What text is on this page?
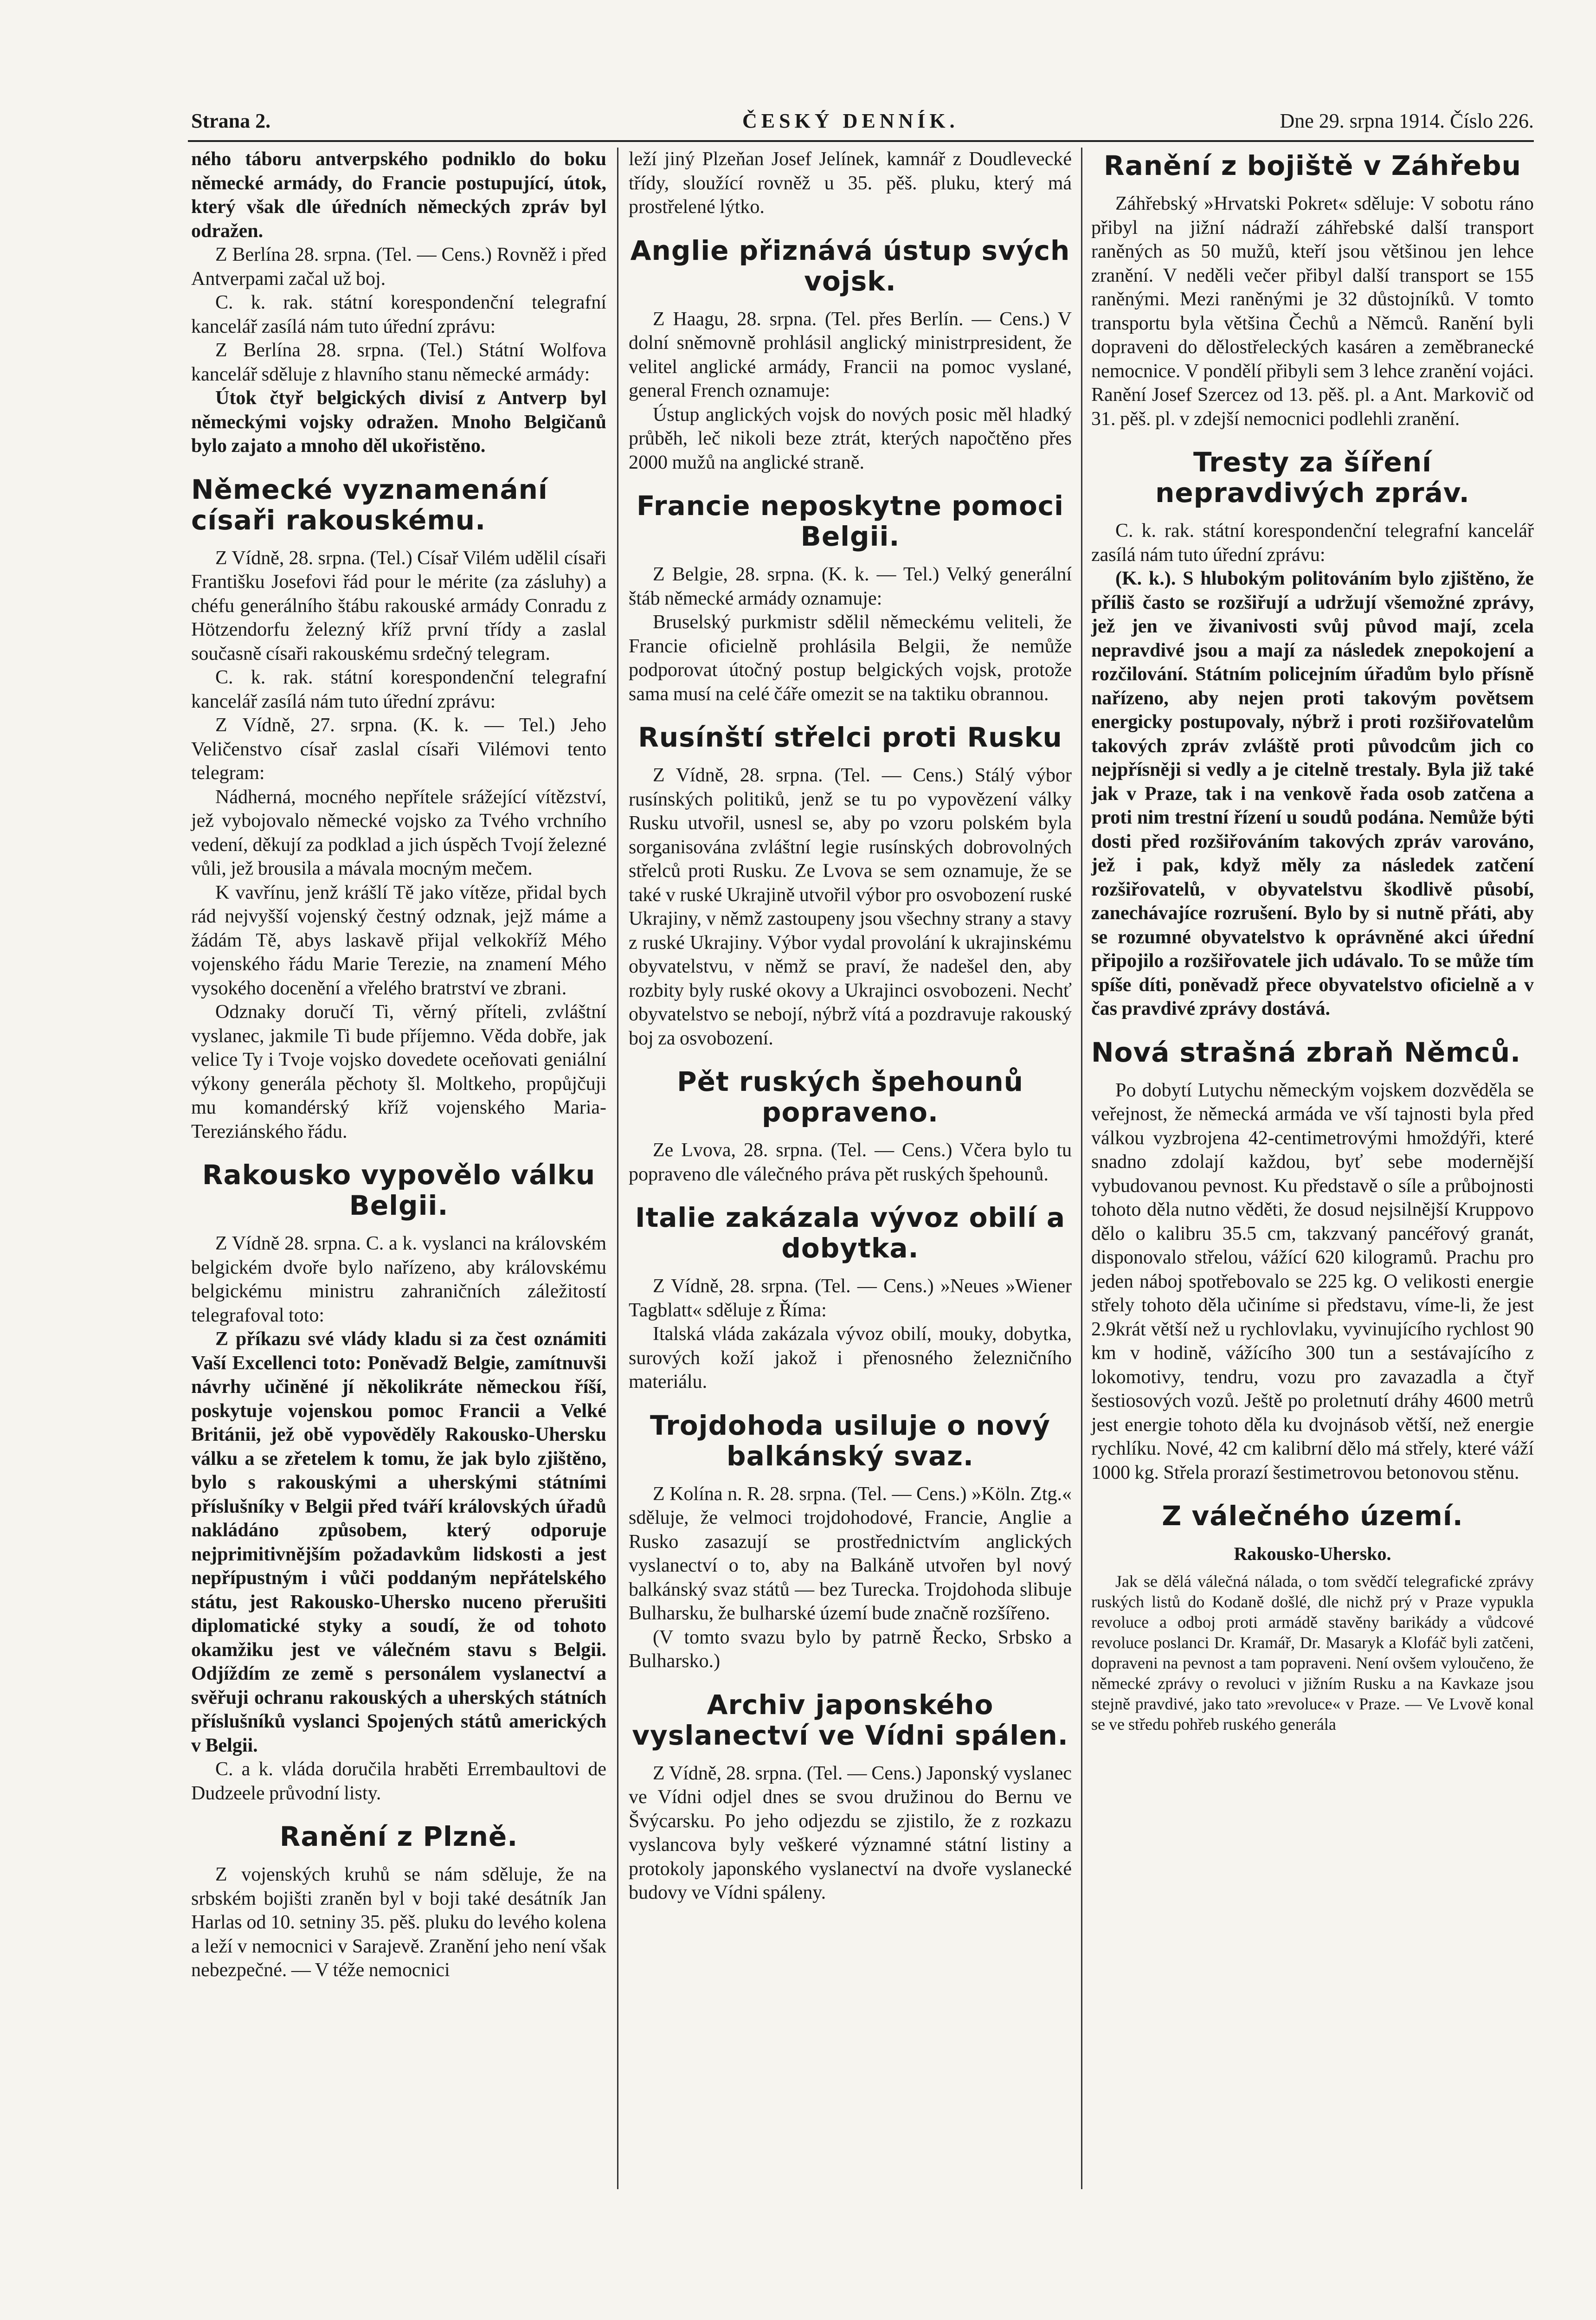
Strana 2.	ČESKÝ DENNÍK.	Dne 29. srpna 1914. Číslo 226.

ného táboru antverpského podniklo do boku německé armády, do Francie postupující, útok, který však dle úředních německých zpráv byl odražen.

Z Berlína 28. srpna. (Tel. — Cens.) Rovněž i před Antverpami začal už boj.

C. k. rak. státní korespondenční telegrafní kancelář zasílá nám tuto úřední zprávu:

Z Berlína 28. srpna. (Tel.) Státní Wolfova kancelář sděluje z hlavního stanu německé armády:

Útok čtyř belgických divisí z Antverp byl německými vojsky odražen. Mnoho Belgičanů bylo zajato a mnoho děl ukořistěno.

Německé vyznamenání císaři rakouskému.

Z Vídně, 28. srpna. (Tel.) Císař Vilém udělil císaři Františku Josefovi řád pour le mérite (za zásluhy) a chéfu generálního štábu rakouské armády Conradu z Hötzendorfu železný kříž první třídy a zaslal současně císaři rakouskému srdečný telegram.

C. k. rak. státní korespondenční telegrafní kancelář zasílá nám tuto úřední zprávu:

Z Vídně, 27. srpna. (K. k. — Tel.) Jeho Veličenstvo císař zaslal císaři Vilémovi tento telegram:

Nádherná, mocného nepřítele srážející vítězství, jež vybojovalo německé vojsko za Tvého vrchního vedení, děkují za podklad a jich úspěch Tvojí železné vůli, jež brousila a mávala mocným mečem.

K vavřínu, jenž krášlí Tě jako vítěze, přidal bych rád nejvyšší vojenský čestný odznak, jejž máme a žádám Tě, abys laskavě přijal velkokříž Mého vojenského řádu Marie Terezie, na znamení Mého vysokého docenění a vřelého bratrství ve zbrani.

Odznaky doručí Ti, věrný příteli, zvláštní vyslanec, jakmile Ti bude příjemno. Věda dobře, jak velice Ty i Tvoje vojsko dovedete oceňovati geniální výkony generála pěchoty šl. Moltkeho, propůjčuji mu komandérský kříž vojenského Maria-Tereziánského řádu.

Rakousko vypovělo válku Belgii.

Z Vídně 28. srpna. C. a k. vyslanci na královském belgickém dvoře bylo nařízeno, aby královskému belgickému ministru zahraničních záležitostí telegrafoval toto:

Z příkazu své vlády kladu si za čest oznámiti Vaší Excellenci toto: Poněvadž Belgie, zamítnuvši návrhy učiněné jí několikráte německou říší, poskytuje vojenskou pomoc Francii a Velké Británii, jež obě vypověděly Rakousko-Uhersku válku a se zřetelem k tomu, že jak bylo zjištěno, bylo s rakouskými a uherskými státními příslušníky v Belgii před tváří královských úřadů nakládáno způsobem, který odporuje nejprimitivnějším požadavkům lidskosti a jest nepřípustným i vůči poddaným nepřátelského státu, jest Rakousko-Uhersko nuceno přerušiti diplomatické styky a soudí, že od tohoto okamžiku jest ve válečném stavu s Belgii. Odjíždím ze země s personálem vyslanectví a svěřuji ochranu rakouských a uherských státních příslušníků vyslanci Spojených států amerických v Belgii.

C. a k. vláda doručila hraběti Errembaultovi de Dudzeele průvodní listy.

Ranění z Plzně.

Z vojenských kruhů se nám sděluje, že na srbském bojišti zraněn byl v boji také desátník Jan Harlas od 10. setniny 35. pěš. pluku do levého kolena a leží v nemocnici v Sarajevě. Zranění jeho není však nebezpečné. — V téže nemocnici

leží jiný Plzeňan Josef Jelínek, kamnář z Doudlevecké třídy, sloužící rovněž u 35. pěš. pluku, který má prostřelené lýtko.

Anglie přiznává ústup svých vojsk.

Z Haagu, 28. srpna. (Tel. přes Berlín. — Cens.) V dolní sněmovně prohlásil anglický ministrpresident, že velitel anglické armády, Francii na pomoc vyslané, general French oznamuje:

Ústup anglických vojsk do nových posic měl hladký průběh, leč nikoli beze ztrát, kterých napočtěno přes 2000 mužů na anglické straně.

Francie neposkytne pomoci Belgii.

Z Belgie, 28. srpna. (K. k. — Tel.) Velký generální štáb německé armády oznamuje:

Bruselský purkmistr sdělil německému veliteli, že Francie oficielně prohlásila Belgii, že nemůže podporovat útočný postup belgických vojsk, protože sama musí na celé čáře omezit se na taktiku obrannou.

Rusínští střelci proti Rusku

Z Vídně, 28. srpna. (Tel. — Cens.) Stálý výbor rusínských politiků, jenž se tu po vypovězení války Rusku utvořil, usnesl se, aby po vzoru polském byla sorganisována zvláštní legie rusínských dobrovolných střelců proti Rusku. Ze Lvova se sem oznamuje, že se také v ruské Ukrajině utvořil výbor pro osvobození ruské Ukrajiny, v němž zastoupeny jsou všechny strany a stavy z ruské Ukrajiny. Výbor vydal provolání k ukrajinskému obyvatelstvu, v němž se praví, že nadešel den, aby rozbity byly ruské okovy a Ukrajinci osvobozeni. Nechť obyvatelstvo se nebojí, nýbrž vítá a pozdravuje rakouský boj za osvobození.

Pět ruských špehounů popraveno.

Ze Lvova, 28. srpna. (Tel. — Cens.) Včera bylo tu popraveno dle válečného práva pět ruských špehounů.

Italie zakázala vývoz obilí a dobytka.

Z Vídně, 28. srpna. (Tel. — Cens.) »Neues »Wiener Tagblatt« sděluje z Říma:

Italská vláda zakázala vývoz obilí, mouky, dobytka, surových koží jakož i přenosného železničního materiálu.

Trojdohoda usiluje o nový balkánský svaz.

Z Kolína n. R. 28. srpna. (Tel. — Cens.) »Köln. Ztg.« sděluje, že velmoci trojdohodové, Francie, Anglie a Rusko zasazují se prostřednictvím anglických vyslanectví o to, aby na Balkáně utvořen byl nový balkánský svaz států — bez Turecka. Trojdohoda slibuje Bulharsku, že bulharské území bude značně rozšířeno.

(V tomto svazu bylo by patrně Řecko, Srbsko a Bulharsko.)

Archiv japonského vyslanectví ve Vídni spálen.

Z Vídně, 28. srpna. (Tel. — Cens.) Japonský vyslanec ve Vídni odjel dnes se svou družinou do Bernu ve Švýcarsku. Po jeho odjezdu se zjistilo, že z rozkazu vyslancova byly veškeré významné státní listiny a protokoly japonského vyslanectví na dvoře vyslanecké budovy ve Vídni spáleny.

Ranění z bojiště v Záhřebu

Záhřebský »Hrvatski Pokret« sděluje: V sobotu ráno přibyl na jižní nádraží záhřebské další transport raněných as 50 mužů, kteří jsou většinou jen lehce zranění. V neděli večer přibyl další transport se 155 raněnými. Mezi raněnými je 32 důstojníků. V tomto transportu byla většina Čechů a Němců. Ranění byli dopraveni do dělostřeleckých kasáren a zeměbranecké nemocnice. V pondělí přibyli sem 3 lehce zranění vojáci. Ranění Josef Szercez od 13. pěš. pl. a Ant. Markovič od 31. pěš. pl. v zdejší nemocnici podlehli zranění.

Tresty za šíření nepravdivých zpráv.

C. k. rak. státní korespondenční telegrafní kancelář zasílá nám tuto úřední zprávu:

(K. k.). S hlubokým politováním bylo zjištěno, že příliš často se rozšiřují a udržují všemožné zprávy, jež jen ve živanivosti svůj původ mají, zcela nepravdivé jsou a mají za následek znepokojení a rozčilování. Státním policejním úřadům bylo přísně nařízeno, aby nejen proti takovým povětsem energicky postupovaly, nýbrž i proti rozšiřovatelům takových zpráv zvláště proti původcům jich co nejpřísněji si vedly a je citelně trestaly. Byla již také jak v Praze, tak i na venkově řada osob zatčena a proti nim trestní řízení u soudů podána. Nemůže býti dosti před rozšiřováním takových zpráv varováno, jež i pak, když měly za následek zatčení rozšiřovatelů, v obyvatelstvu škodlivě působí, zanechávajíce rozrušení. Bylo by si nutně přáti, aby se rozumné obyvatelstvo k oprávněné akci úřední připojilo a rozšiřovatele jich udávalo. To se může tím spíše díti, poněvadž přece obyvatelstvo oficielně a v čas pravdivé zprávy dostává.

Nová strašná zbraň Němců.

Po dobytí Lutychu německým vojskem dozvěděla se veřejnost, že německá armáda ve vší tajnosti byla před válkou vyzbrojena 42-centimetrovými hmoždýři, které snadno zdolají každou, byť sebe modernější vybudovanou pevnost. Ku představě o síle a průbojnosti tohoto děla nutno věděti, že dosud nejsilnější Kruppovo dělo o kalibru 35.5 cm, takzvaný pancéřový granát, disponovalo střelou, vážící 620 kilogramů. Prachu pro jeden náboj spotřebovalo se 225 kg. O velikosti energie střely tohoto děla učiníme si představu, víme-li, že jest 2.9krát větší než u rychlovlaku, vyvinujícího rychlost 90 km v hodině, vážícího 300 tun a sestávajícího z lokomotivy, tendru, vozu pro zavazadla a čtyř šestiosových vozů. Ještě po proletnutí dráhy 4600 metrů jest energie tohoto děla ku dvojnásob větší, než energie rychlíku. Nové, 42 cm kalibrní dělo má střely, které váží 1000 kg. Střela prorazí šestimetrovou betonovou stěnu.

Z válečného území.
Rakousko-Uhersko.

Jak se dělá válečná nálada, o tom svědčí telegrafické zprávy ruských listů do Kodaně došlé, dle nichž prý v Praze vypukla revoluce a odboj proti armádě stavěny barikády a vůdcové revoluce poslanci Dr. Kramář, Dr. Masaryk a Klofáč byli zatčeni, dopraveni na pevnost a tam popraveni. Není ovšem vyloučeno, že německé zprávy o revoluci v jižním Rusku a na Kavkaze jsou stejně pravdivé, jako tato »revoluce« v Praze. — Ve Lvově konal se ve středu pohřeb ruského generála
